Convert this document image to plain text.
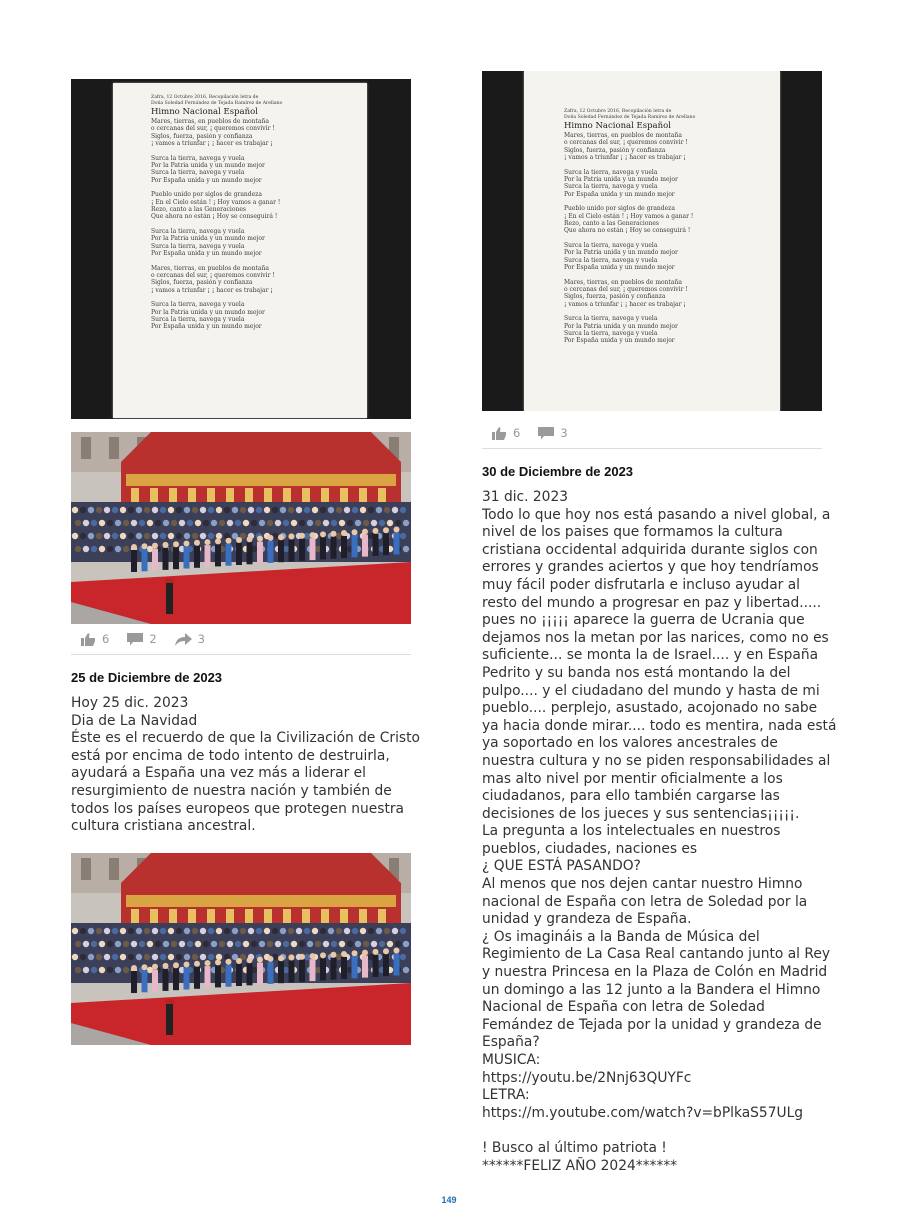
Zafra, 12 Octubre 2016, Recopilación letra de
Doña Soledad Fernández de Tejada Ramírez de Arellano
Himno Nacional Español
Mares, tierras, en pueblos de montaña
o cercanas del sur, ¡ queremos convivir !
Siglos, fuerza, pasión y confianza
¡ vamos a triunfar ¡ ¡ hacer es trabajar ¡
Surca la tierra, navega y vuela
Por la Patria unida y un mundo mejor
Surca la tierra, navega y vuela
Por España unida y un mundo mejor
Pueblo unido por siglos de grandeza
¡ En el Cielo están ! ¡ Hoy vamos a ganar !
Rezo, canto a las Generaciones
Que ahora no están ¡ Hoy se conseguirá !
Surca la tierra, navega y vuela
Por la Patria unida y un mundo mejor
Surca la tierra, navega y vuela
Por España unida y un mundo mejor
Mares, tierras, en pueblos de montaña
o cercanas del sur, ¡ queremos convivir !
Siglos, fuerza, pasión y confianza
¡ vamos a triunfar ¡ ¡ hacer es trabajar ¡
Surca la tierra, navega y vuela
Por la Patria unida y un mundo mejor
Surca la tierra, navega y vuela
Por España unida y un mundo mejor
6	2	3
25 de Diciembre de 2023
Hoy 25 dic. 2023
Dia de La Navidad
Éste es el recuerdo de que la Civilización de Cristo
está por encima de todo intento de destruirla,
ayudará a España una vez más a liderar el
resurgimiento de nuestra nación y también de
todos los países europeos que protegen nuestra
cultura cristiana ancestral.
Zafra, 12 Octubre 2016, Recopilación letra de
Doña Soledad Fernández de Tejada Ramírez de Arellano
Himno Nacional Español
Mares, tierras, en pueblos de montaña
o cercanas del sur, ¡ queremos convivir !
Siglos, fuerza, pasión y confianza
¡ vamos a triunfar ¡ ¡ hacer es trabajar ¡
Surca la tierra, navega y vuela
Por la Patria unida y un mundo mejor
Surca la tierra, navega y vuela
Por España unida y un mundo mejor
Pueblo unido por siglos de grandeza
¡ En el Cielo están ! ¡ Hoy vamos a ganar !
Rezo, canto a las Generaciones
Que ahora no están ¡ Hoy se conseguirá !
Surca la tierra, navega y vuela
Por la Patria unida y un mundo mejor
Surca la tierra, navega y vuela
Por España unida y un mundo mejor
Mares, tierras, en pueblos de montaña
o cercanas del sur, ¡ queremos convivir !
Siglos, fuerza, pasión y confianza
¡ vamos a triunfar ¡ ¡ hacer es trabajar ¡
Surca la tierra, navega y vuela
Por la Patria unida y un mundo mejor
Surca la tierra, navega y vuela
Por España unida y un mundo mejor
6	3
30 de Diciembre de 2023
31 dic. 2023
Todo lo que hoy nos está pasando a nivel global, a
nivel de los paises que formamos la cultura
cristiana occidental adquirida durante siglos con
errores y grandes aciertos y que hoy tendríamos
muy fácil poder disfrutarla e incluso ayudar al
resto del mundo a progresar en paz y libertad.....
pues no ¡¡¡¡¡ aparece la guerra de Ucrania que
dejamos nos la metan por las narices, como no es
suficiente... se monta la de Israel.... y en España
Pedrito y su banda nos está montando la del
pulpo.... y el ciudadano del mundo y hasta de mi
pueblo.... perplejo, asustado, acojonado no sabe
ya hacia donde mirar.... todo es mentira, nada está
ya soportado en los valores ancestrales de
nuestra cultura y no se piden responsabilidades al
mas alto nivel por mentir oficialmente a los
ciudadanos, para ello también cargarse las
decisiones de los jueces y sus sentencias¡¡¡¡¡.
La pregunta a los intelectuales en nuestros
pueblos, ciudades, naciones es
¿ QUE ESTÁ PASANDO?
Al menos que nos dejen cantar nuestro Himno
nacional de España con letra de Soledad por la
unidad y grandeza de España.
¿ Os imagináis a la Banda de Música del
Regimiento de La Casa Real cantando junto al Rey
y nuestra Princesa en la Plaza de Colón en Madrid
un domingo a las 12 junto a la Bandera el Himno
Nacional de España con letra de Soledad
Femández de Tejada por la unidad y grandeza de
España?
MUSICA:
https://youtu.be/2Nnj63QUYFc
LETRA:
https://m.youtube.com/watch?v=bPlkaS57ULg
! Busco al último patriota !
******FELIZ AÑO 2024******
149
